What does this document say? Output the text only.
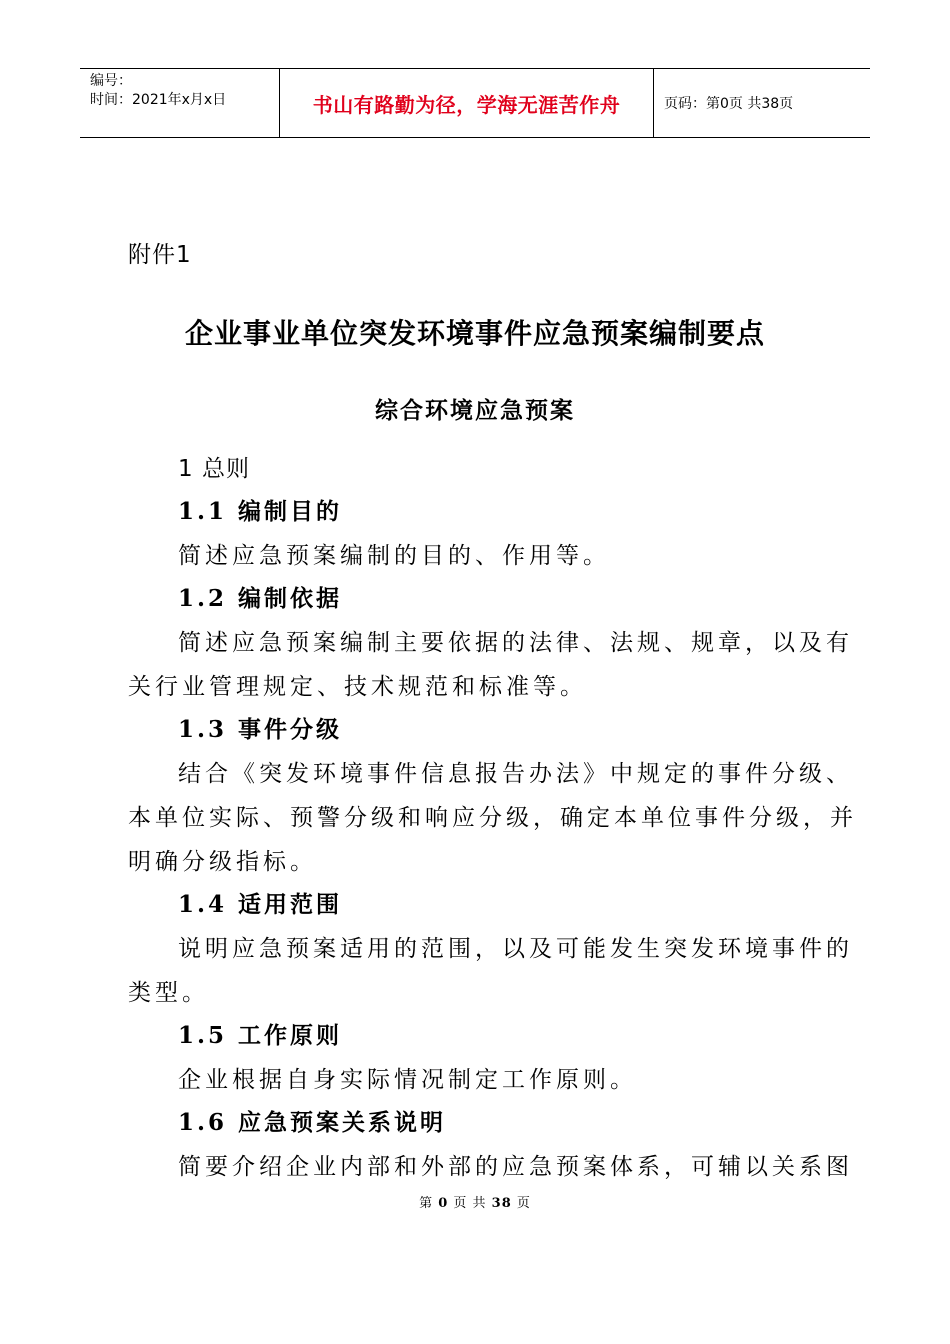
编号：
时间：2021年x月x日	书山有路勤为径，学海无涯苦作舟	页码：第0页 共38页
附件1
企业事业单位突发环境事件应急预案编制要点
综合环境应急预案
1 总则
1.1 编制目的
简述应急预案编制的目的、作用等。
1.2 编制依据
简述应急预案编制主要依据的法律、法规、规章，以及有
关行业管理规定、技术规范和标准等。
1.3 事件分级
结合《突发环境事件信息报告办法》中规定的事件分级、
本单位实际、预警分级和响应分级，确定本单位事件分级，并
明确分级指标。
1.4 适用范围
说明应急预案适用的范围，以及可能发生突发环境事件的
类型。
1.5 工作原则
企业根据自身实际情况制定工作原则。
1.6 应急预案关系说明
简要介绍企业内部和外部的应急预案体系，可辅以关系图
第 0 页 共 38 页
